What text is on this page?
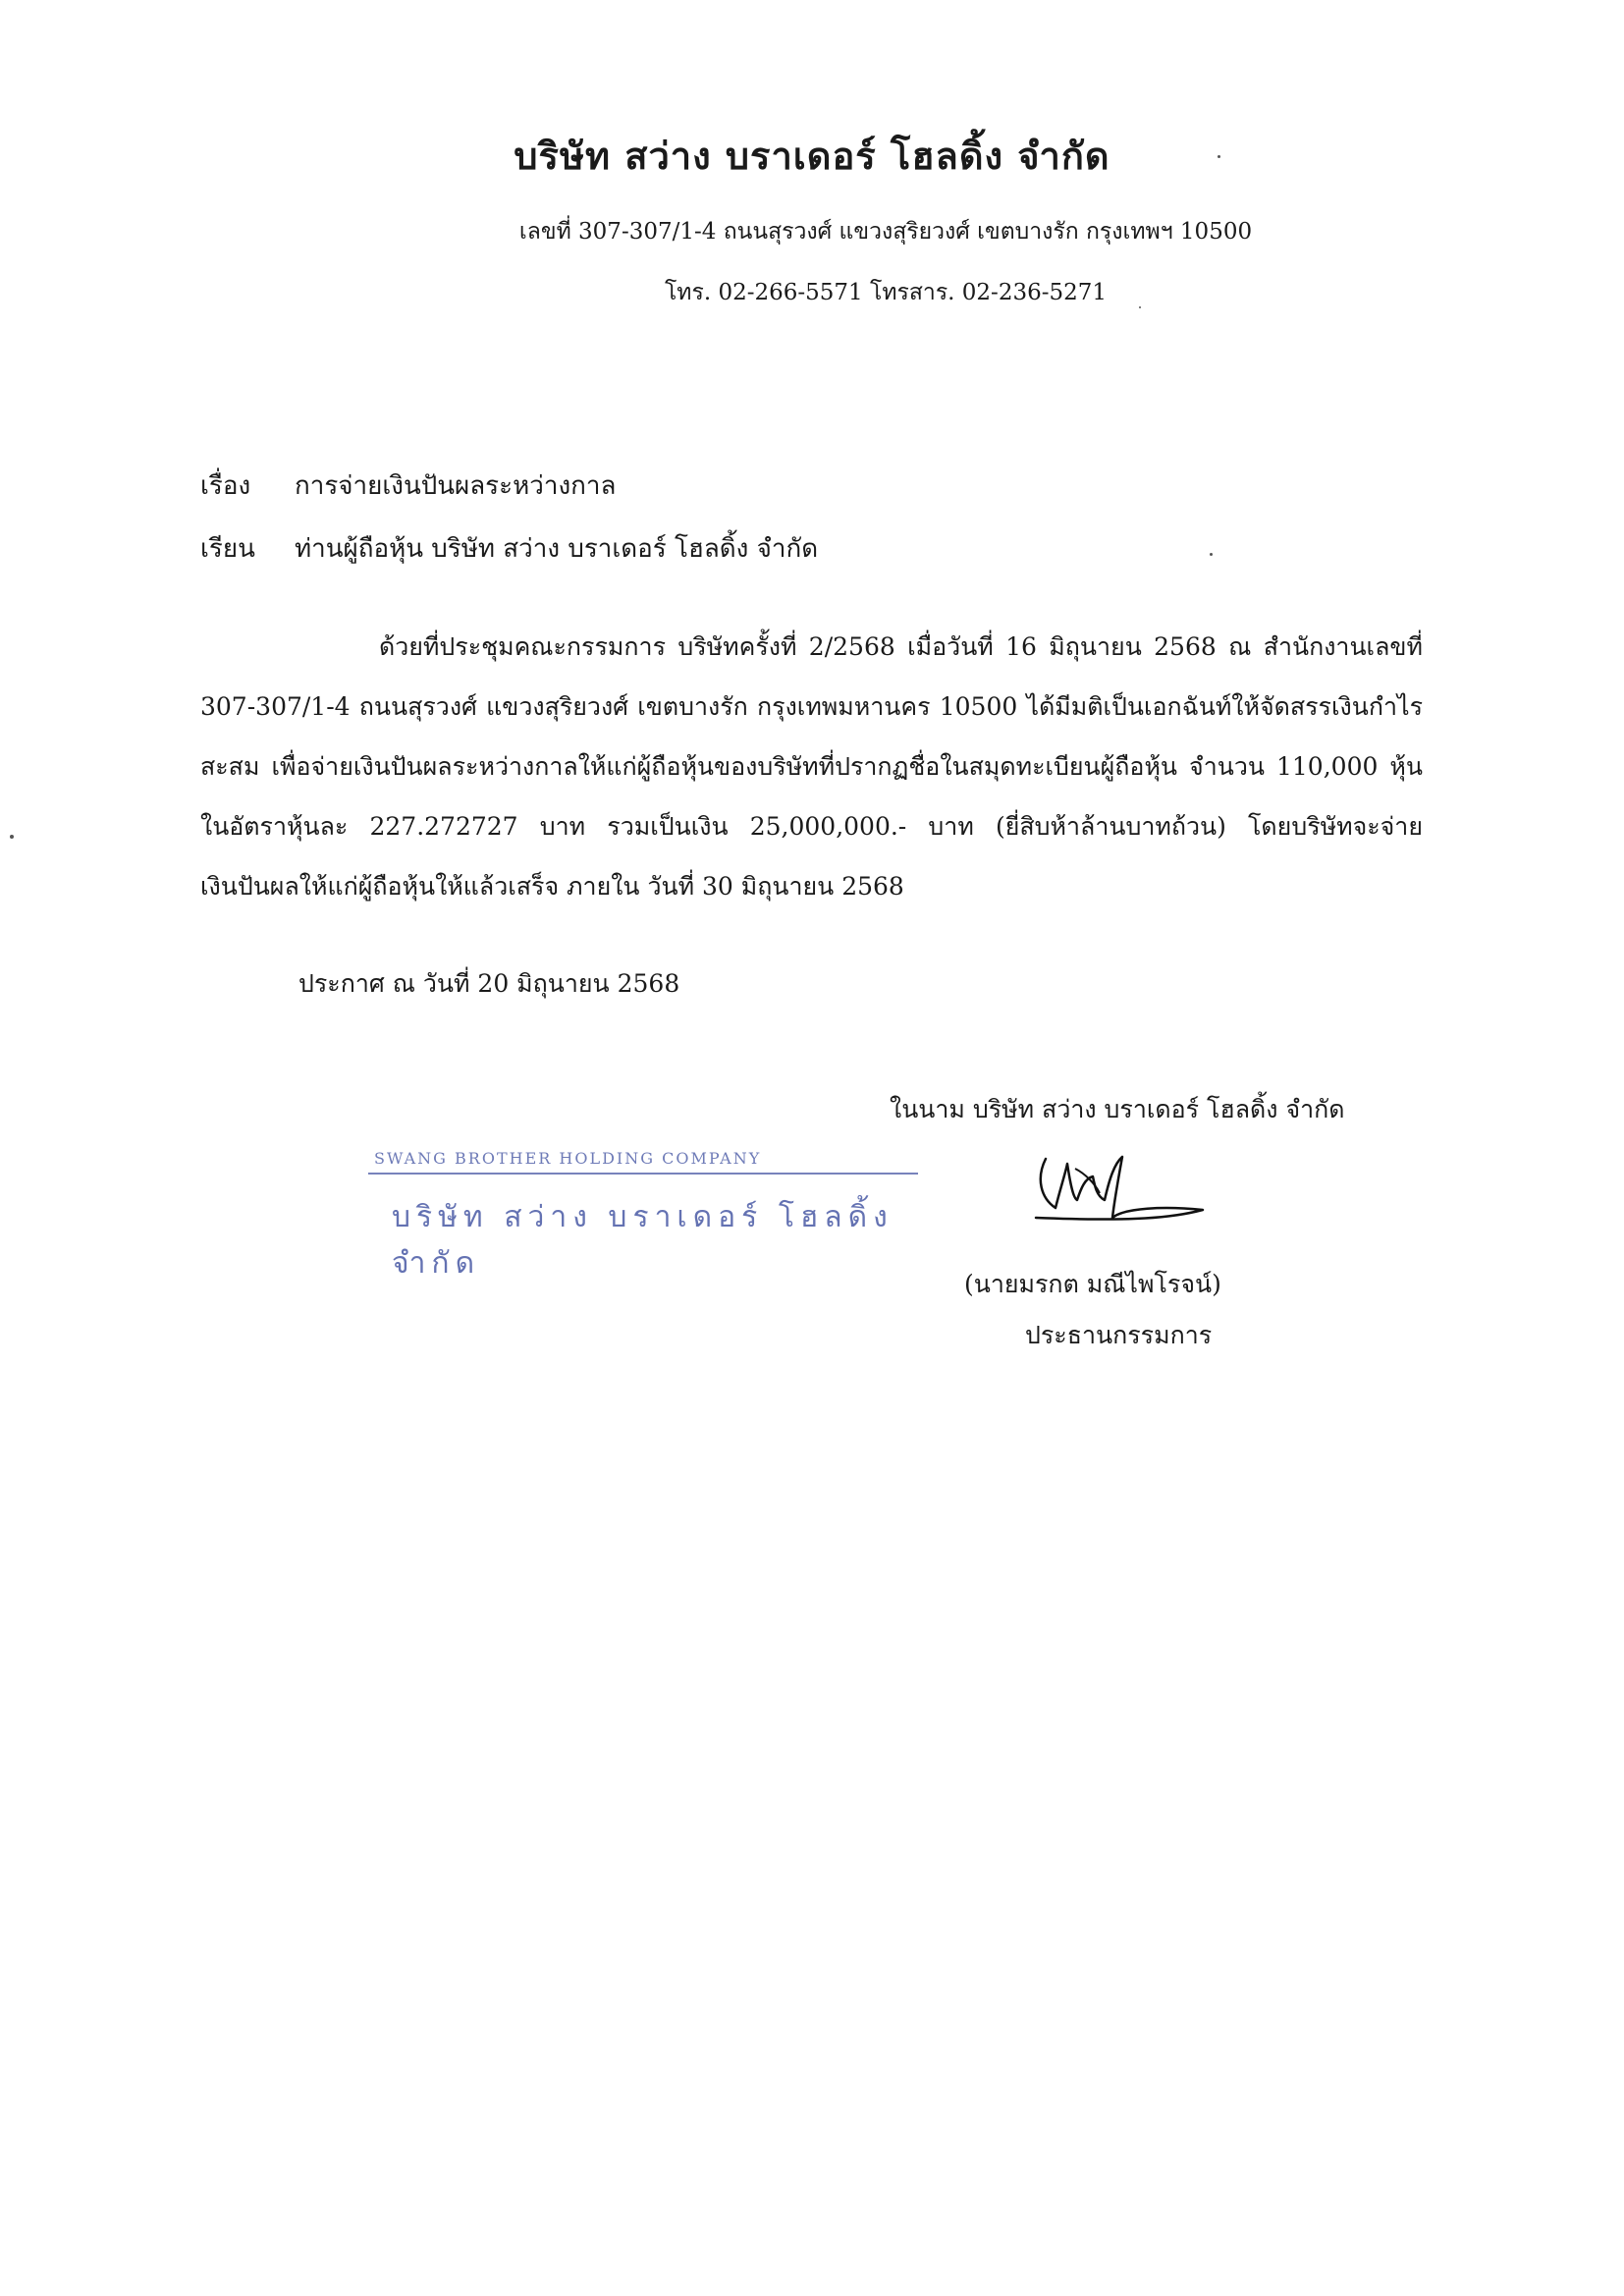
บริษัท สว่าง บราเดอร์ โฮลดิ้ง จำกัด
เลขที่ 307-307/1-4 ถนนสุรวงศ์ แขวงสุริยวงศ์ เขตบางรัก กรุงเทพฯ 10500
โทร. 02-266-5571 โทรสาร. 02-236-5271
เรื่อง การจ่ายเงินปันผลระหว่างกาล
เรียน ท่านผู้ถือหุ้น บริษัท สว่าง บราเดอร์ โฮลดิ้ง จำกัด
ด้วยที่ประชุมคณะกรรมการ บริษัทครั้งที่ 2/2568 เมื่อวันที่ 16 มิถุนายน 2568 ณ สำนักงานเลขที่ 307-307/1-4 ถนนสุรวงศ์ แขวงสุริยวงศ์ เขตบางรัก กรุงเทพมหานคร 10500 ได้มีมติเป็นเอกฉันท์ให้จัดสรรเงินกำไรสะสม เพื่อจ่ายเงินปันผลระหว่างกาลให้แก่ผู้ถือหุ้นของบริษัทที่ปรากฏชื่อในสมุดทะเบียนผู้ถือหุ้น จำนวน 110,000 หุ้น ในอัตราหุ้นละ 227.272727 บาท รวมเป็นเงิน 25,000,000.- บาท (ยี่สิบห้าล้านบาทถ้วน) โดยบริษัทจะจ่ายเงินปันผลให้แก่ผู้ถือหุ้นให้แล้วเสร็จ ภายใน วันที่ 30 มิถุนายน 2568
ประกาศ ณ วันที่ 20 มิถุนายน 2568
ในนาม บริษัท สว่าง บราเดอร์ โฮลดิ้ง จำกัด
SWANG BROTHER HOLDING COMPANY
บริษัท สว่าง บราเดอร์ โฮลดิ้ง จำกัด
(นายมรกต มณีไพโรจน์)
ประธานกรรมการ
